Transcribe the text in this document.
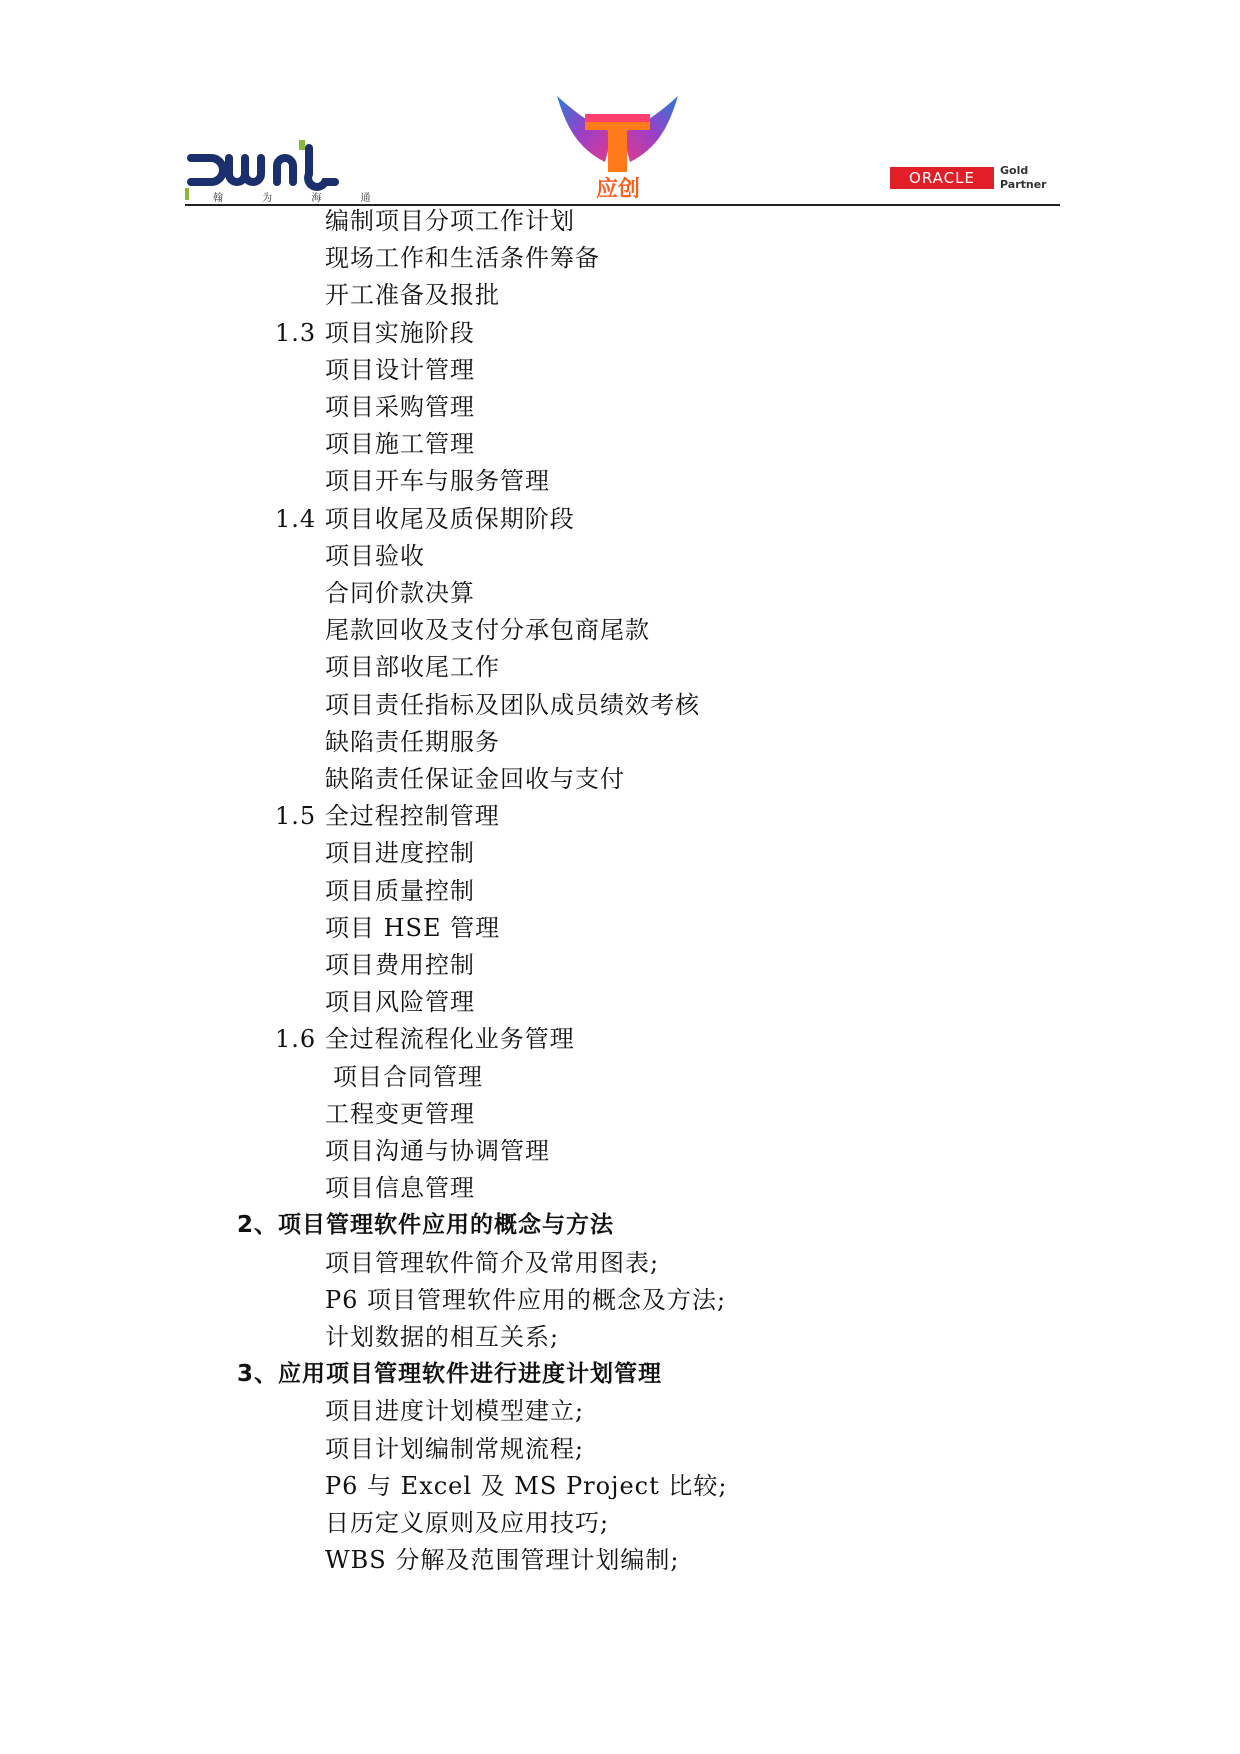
翰 为 海 通	应创	ORACLE	Gold
Partner
编制项目分项工作计划
现场工作和生活条件筹备
开工准备及报批
1.3 项目实施阶段
项目设计管理
项目采购管理
项目施工管理
项目开车与服务管理
1.4 项目收尾及质保期阶段
项目验收
合同价款决算
尾款回收及支付分承包商尾款
项目部收尾工作
项目责任指标及团队成员绩效考核
缺陷责任期服务
缺陷责任保证金回收与支付
1.5 全过程控制管理
项目进度控制
项目质量控制
项目 HSE 管理
项目费用控制
项目风险管理
1.6 全过程流程化业务管理
项目合同管理
工程变更管理
项目沟通与协调管理
项目信息管理
2、项目管理软件应用的概念与方法
项目管理软件简介及常用图表;
P6 项目管理软件应用的概念及方法;
计划数据的相互关系;
3、应用项目管理软件进行进度计划管理
项目进度计划模型建立;
项目计划编制常规流程;
P6 与 Excel 及 MS Project 比较;
日历定义原则及应用技巧;
WBS 分解及范围管理计划编制;
